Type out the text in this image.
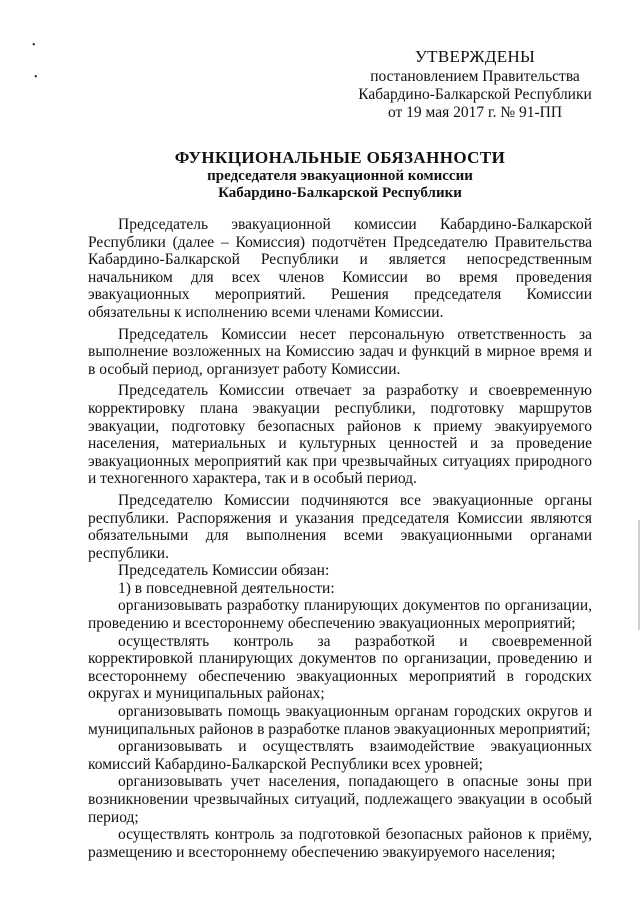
•
•
УТВЕРЖДЕНЫ
постановлением Правительства
Кабардино-Балкарской Республики
от 19 мая 2017 г. № 91-ПП
ФУНКЦИОНАЛЬНЫЕ ОБЯЗАННОСТИ
председателя эвакуационной комиссии
Кабардино-Балкарской Республики

Председатель эвакуационной комиссии Кабардино-Балкарской Республики (далее – Комиссия) подотчётен Председателю Правительства Кабардино-Балкарской Республики и является непосредственным начальником для всех членов Комиссии во время проведения эвакуационных мероприятий. Решения председателя Комиссии обязательны к исполнению всеми членами Комиссии.

Председатель Комиссии несет персональную ответственность за выполнение возложенных на Комиссию задач и функций в мирное время и в особый период, организует работу Комиссии.

Председатель Комиссии отвечает за разработку и своевременную корректировку плана эвакуации республики, подготовку маршрутов эвакуации, подготовку безопасных районов к приему эвакуируемого населения, материальных и культурных ценностей и за проведение эвакуационных мероприятий как при чрезвычайных ситуациях природного и техногенного характера, так и в особый период.

Председателю Комиссии подчиняются все эвакуационные органы республики. Распоряжения и указания председателя Комиссии являются обязательными для выполнения всеми эвакуационными органами республики.

Председатель Комиссии обязан:

1) в повседневной деятельности:

организовывать разработку планирующих документов по организации, проведению и всестороннему обеспечению эвакуационных мероприятий;

осуществлять контроль за разработкой и своевременной корректировкой планирующих документов по организации, проведению и всестороннему обеспечению эвакуационных мероприятий в городских округах и муниципальных районах;

организовывать помощь эвакуационным органам городских округов и муниципальных районов в разработке планов эвакуационных мероприятий;

организовывать и осуществлять взаимодействие эвакуационных комиссий Кабардино-Балкарской Республики всех уровней;

организовывать учет населения, попадающего в опасные зоны при возникновении чрезвычайных ситуаций, подлежащего эвакуации в особый период;

осуществлять контроль за подготовкой безопасных районов к приёму, размещению и всестороннему обеспечению эвакуируемого населения;
